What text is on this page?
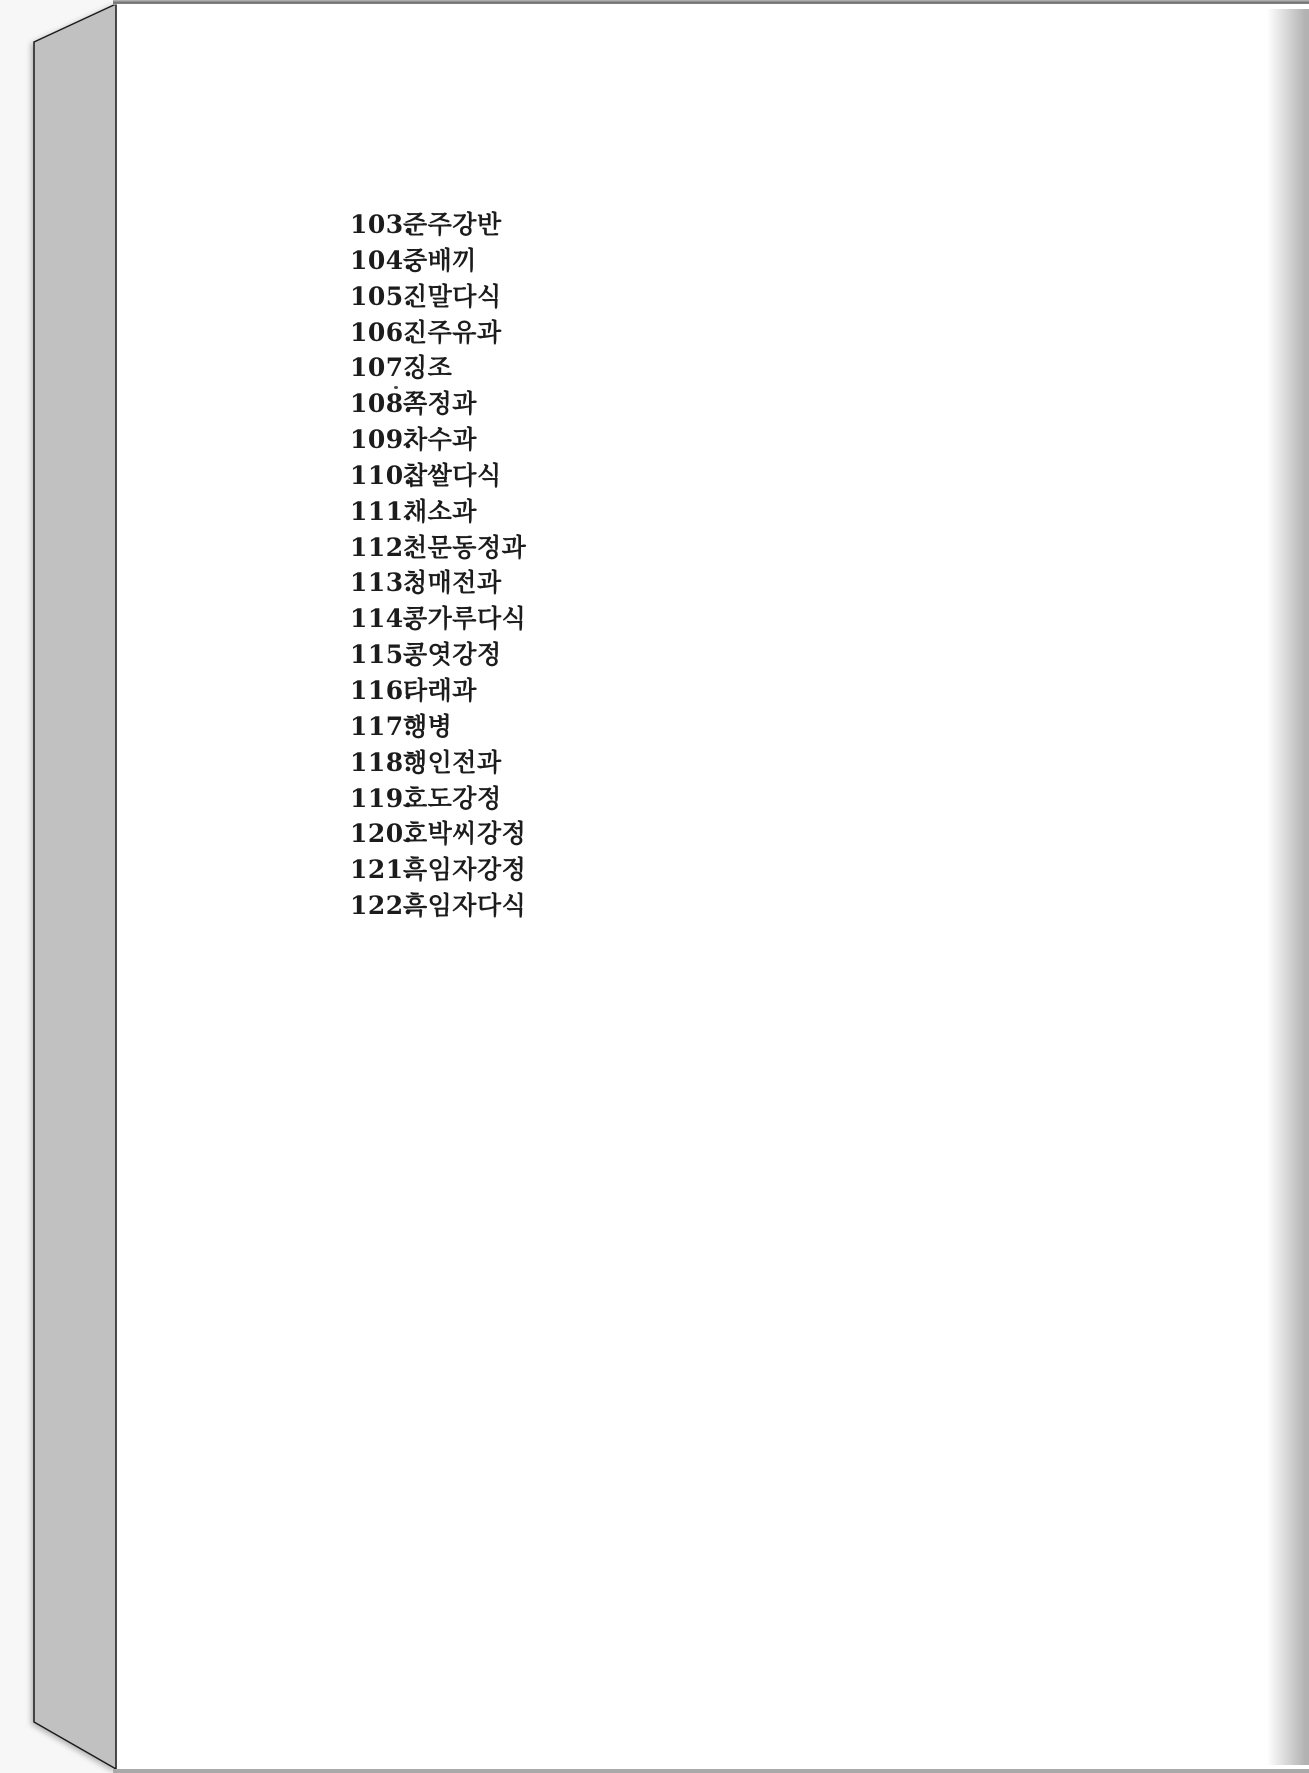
103.
준주강반
104.
중배끼
105.
진말다식
106.
진주유과
107.
징조
108.
쪽정과
109.
차수과
110.
찹쌀다식
111.
채소과
112.
천문동정과
113.
청매전과
114.
콩가루다식
115.
콩엿강정
116.
타래과
117.
행병
118.
행인전과
119.
호도강정
120.
호박씨강정
121.
흑임자강정
122.
흑임자다식
